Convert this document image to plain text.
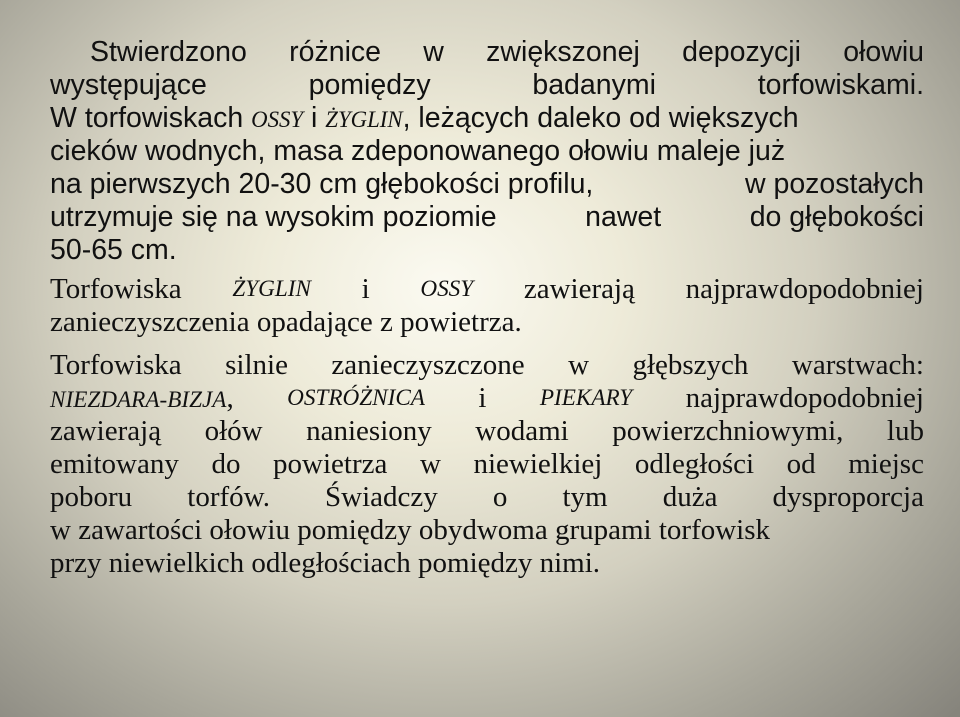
Stwierdzono różnice w zwiększonej depozycji ołowiu
występujące	pomiędzy	badanymi	torfowiskami.
W torfowiskach OSSY i ŻYGLIN, leżących daleko od większych
cieków wodnych, masa zdeponowanego ołowiu maleje już
na pierwszych 20-30 cm głębokości profilu,	w pozostałych
utrzymuje się na wysokim poziomie	nawet	do głębokości
50-65 cm.
Torfowiska ŻYGLIN i OSSY zawierają najprawdopodobniej
zanieczyszczenia opadające z powietrza.
Torfowiska silnie zanieczyszczone w głębszych warstwach:
NIEZDARA-BIZJA, OSTRÓŻNICA i PIEKARY najprawdopodobniej
zawierają ołów naniesiony wodami powierzchniowymi, lub
emitowany do powietrza w niewielkiej odległości od miejsc
poboru torfów. Świadczy o tym duża dysproporcja
w zawartości ołowiu pomiędzy obydwoma grupami torfowisk
przy niewielkich odległościach pomiędzy nimi.
